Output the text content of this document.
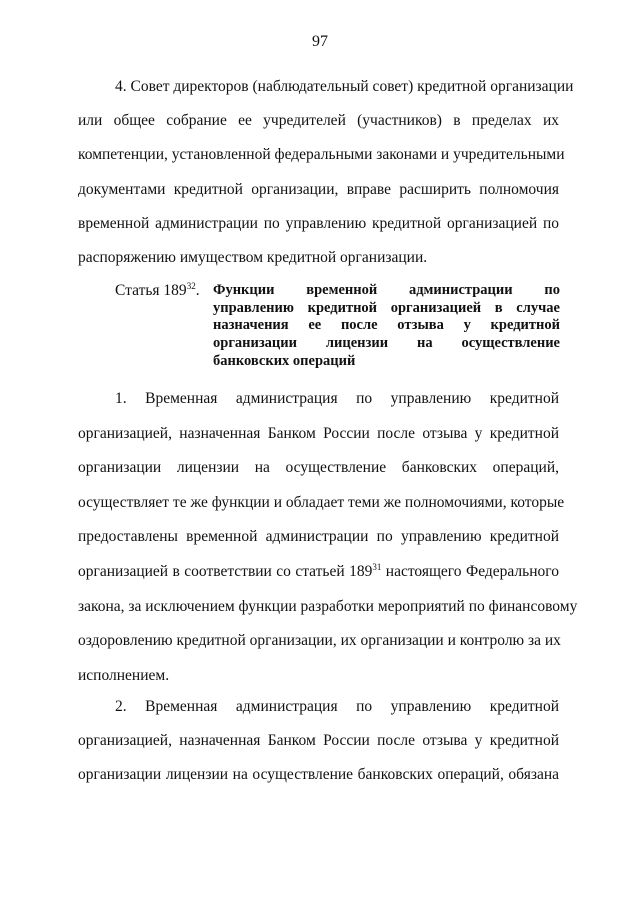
97
4. Совет директоров (наблюдательный совет) кредитной организации
или общее собрание ее учредителей (участников) в пределах их
компетенции, установленной федеральными законами и учредительными
документами кредитной организации, вправе расширить полномочия
временной администрации по управлению кредитной организацией по
распоряжению имуществом кредитной организации.
Статья $189^{32}$. Функции временной администрации по
управлению кредитной организацией в случае
назначения ее после отзыва у кредитной
организации лицензии на осуществление
банковских операций
1. Временная администрация по управлению кредитной
организацией, назначенная Банком России после отзыва у кредитной
организации лицензии на осуществление банковских операций,
осуществляет те же функции и обладает теми же полномочиями, которые
предоставлены временной администрации по управлению кредитной
организацией в соответствии со статьей 189$^{31}$ настоящего Федерального
закона, за исключением функции разработки мероприятий по финансовому
оздоровлению кредитной организации, их организации и контролю за их
исполнением.
2. Временная администрация по управлению кредитной
организацией, назначенная Банком России после отзыва у кредитной
организации лицензии на осуществление банковских операций, обязана
